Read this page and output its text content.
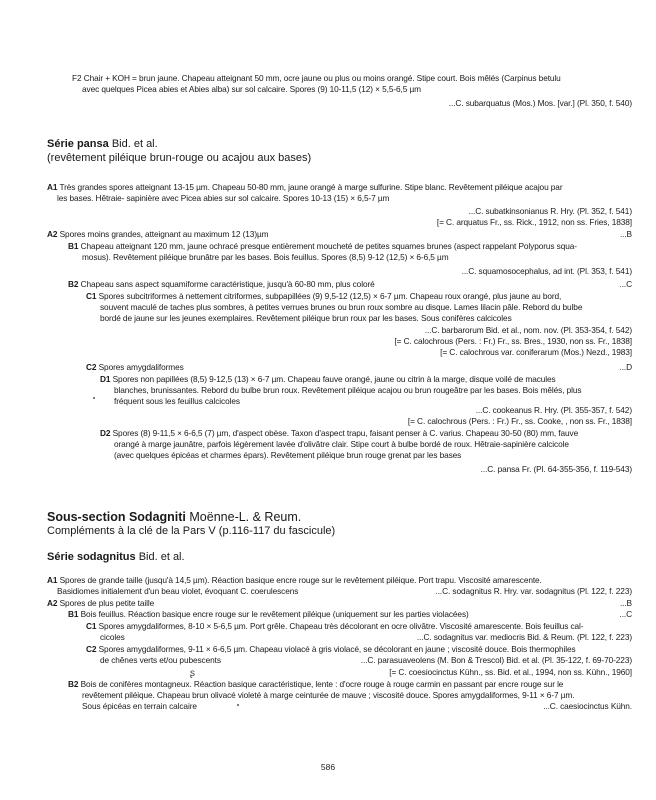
F2 Chair + KOH = brun jaune. Chapeau atteignant 50 mm, ocre jaune ou plus ou moins orangé. Stipe court. Bois mêlés (Carpinus betulu
avec quelques Picea abies et Abies alba) sur sol calcaire. Spores (9) 10-11,5 (12) × 5,5-6,5 µm
...C. subarquatus (Mos.) Mos. [var.] (Pl. 350, f. 540)
Série pansa Bid. et al.
(revêtement piléique brun-rouge ou acajou aux bases)
A1 Très grandes spores atteignant 13-15 µm. Chapeau 50-80 mm, jaune orangé à marge sulfurine. Stipe blanc. Revêtement piléique acajou par
les bases. Hêtraie- sapinière avec Picea abies sur sol calcaire. Spores 10-13 (15) × 6,5-7 µm
...C. subatkinsonianus R. Hry. (Pl. 352, f. 541)
[= C. arquatus Fr., ss. Rick., 1912, non ss. Fries, 1838]
A2 Spores moins grandes, atteignant au maximum 12 (13)µm	...B
B1 Chapeau atteignant 120 mm, jaune ochracé presque entièrement moucheté de petites squames brunes (aspect rappelant Polyporus squa-
mosus). Revêtement piléique brunâtre par les bases. Bois feuillus. Spores (8,5) 9-12 (12,5) × 6-6,5 µm
...C. squamosocephalus, ad int. (Pl. 353, f. 541)
B2 Chapeau sans aspect squamiforme caractéristique, jusqu'à 60-80 mm, plus coloré	...C
C1 Spores subcitriformes à nettement citriformes, subpapillées (9) 9,5-12 (12,5) × 6-7 µm. Chapeau roux orangé, plus jaune au bord,
souvent maculé de taches plus sombres, à petites verrues brunes ou brun roux sombre au disque. Lames lilacin pâle. Rebord du bulbe
bordé de jaune sur les jeunes exemplaires. Revêtement piléique brun roux par les bases. Sous conifères calcicoles
...C. barbarorum Bid. et al., nom. nov. (Pl. 353-354, f. 542)
[= C. calochrous (Pers. : Fr.) Fr., ss. Bres., 1930, non ss. Fr., 1838]
[= C. calochrous var. coniferarum (Mos.) Nezd., 1983]
C2 Spores amygdaliformes	...D
D1 Spores non papillées (8,5) 9-12,5 (13) × 6-7 µm. Chapeau fauve orangé, jaune ou citrin à la marge, disque voilé de macules
blanches, brunissantes. Rebord du bulbe brun roux. Revêtement piléique acajou ou brun rougeâtre par les bases. Bois mêlés, plus
fréquent sous les feuillus calcicoles
...C. cookeanus R. Hry. (Pl. 355-357, f. 542)
[= C. calochrous (Pers. : Fr.) Fr., ss. Cooke, , non ss. Fr., 1838]
D2 Spores (8) 9-11,5 × 6-6,5 (7) µm, d'aspect obèse. Taxon d'aspect trapu, faisant penser à C. varius. Chapeau 30-50 (80) mm, fauve
orangé à marge jaunâtre, parfois légèrement lavée d'olivâtre clair. Stipe court à bulbe bordé de roux. Hêtraie-sapinière calcicole
(avec quelques épicéas et charmes épars). Revêtement piléique brun rouge grenat par les bases
...C. pansa Fr. (Pl. 64-355-356, f. 119-543)
Sous-section Sodagniti Moënne-L. & Reum.
Compléments à la clé de la Pars V (p.116-117 du fascicule)
Série sodagnitus Bid. et al.
A1 Spores de grande taille (jusqu'à 14,5 µm). Réaction basique encre rouge sur le revêtement piléique. Port trapu. Viscosité amarescente.
Basidiomes initialement d'un beau violet, évoquant C. coerulescens	...C. sodagnitus R. Hry. var. sodagnitus (Pl. 122, f. 223)
A2 Spores de plus petite taille	...B
B1 Bois feuillus. Réaction basique encre rouge sur le revêtement piléique (uniquement sur les parties violacées)	...C
C1 Spores amygdaliformes, 8-10 × 5-6,5 µm. Port grêle. Chapeau très décolorant en ocre olivâtre. Viscosité amarescente. Bois feuillus cal-
cicoles	...C. sodagnitus var. mediocris Bid. & Reum. (Pl. 122, f. 223)
C2 Spores amygdaliformes, 9-11 × 6-6,5 µm. Chapeau violacé à gris violacé, se décolorant en jaune ; viscosité douce. Bois thermophiles
de chênes verts et/ou pubescents	...C. parasuaveolens (M. Bon & Trescol) Bid. et al. (Pl. 35-122, f. 69-70-223)
[= C. coesiocinctus Kühn., ss. Bid. et al., 1994, non ss. Kühn., 1960]
B2 Bois de conifères montagneux. Réaction basique caractéristique, lente : d'ocre rouge à rouge carmin en passant par encre rouge sur le
revêtement piléique. Chapeau brun olivacé violeté à marge ceinturée de mauve ; viscosité douce. Spores amygdaliformes, 9-11 × 6-7 µm.
Sous épicéas en terrain calcaire	...C. caesiocinctus Kühn.
ʂ
586
